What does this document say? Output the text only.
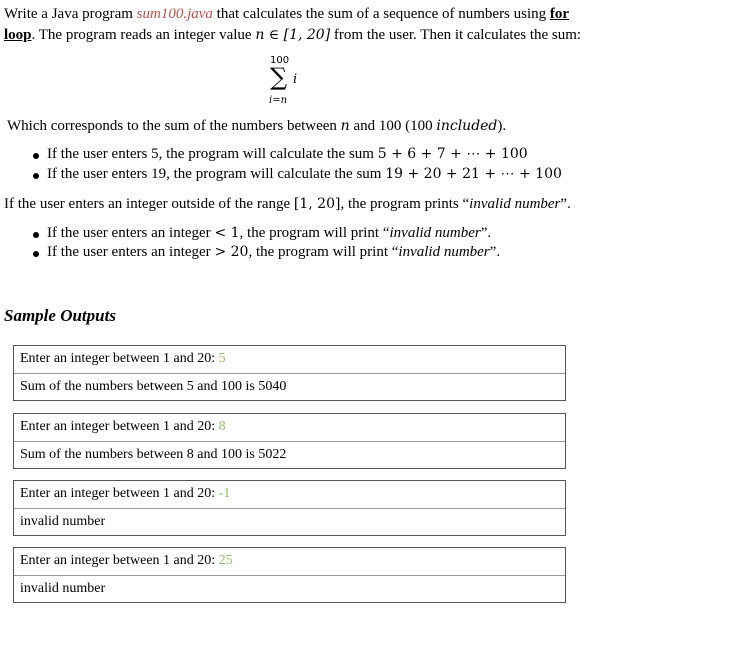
Write a Java program sum100.java that calculates the sum of a sequence of numbers using for
loop. The program reads an integer value n ∈ [1, 20] from the user. Then it calculates the sum:
100
∑ i
i=n
Which corresponds to the sum of the numbers between n and 100 (100 included).
If the user enters 5, the program will calculate the sum 5 + 6 + 7 + ⋯ + 100
If the user enters 19, the program will calculate the sum 19 + 20 + 21 + ⋯ + 100
If the user enters an integer outside of the range [1, 20], the program prints “invalid number”.
If the user enters an integer < 1, the program will print “invalid number”.
If the user enters an integer > 20, the program will print “invalid number”.
Sample Outputs
Enter an integer between 1 and 20: 5
Sum of the numbers between 5 and 100 is 5040
Enter an integer between 1 and 20: 8
Sum of the numbers between 8 and 100 is 5022
Enter an integer between 1 and 20: -1
invalid number
Enter an integer between 1 and 20: 25
invalid number
